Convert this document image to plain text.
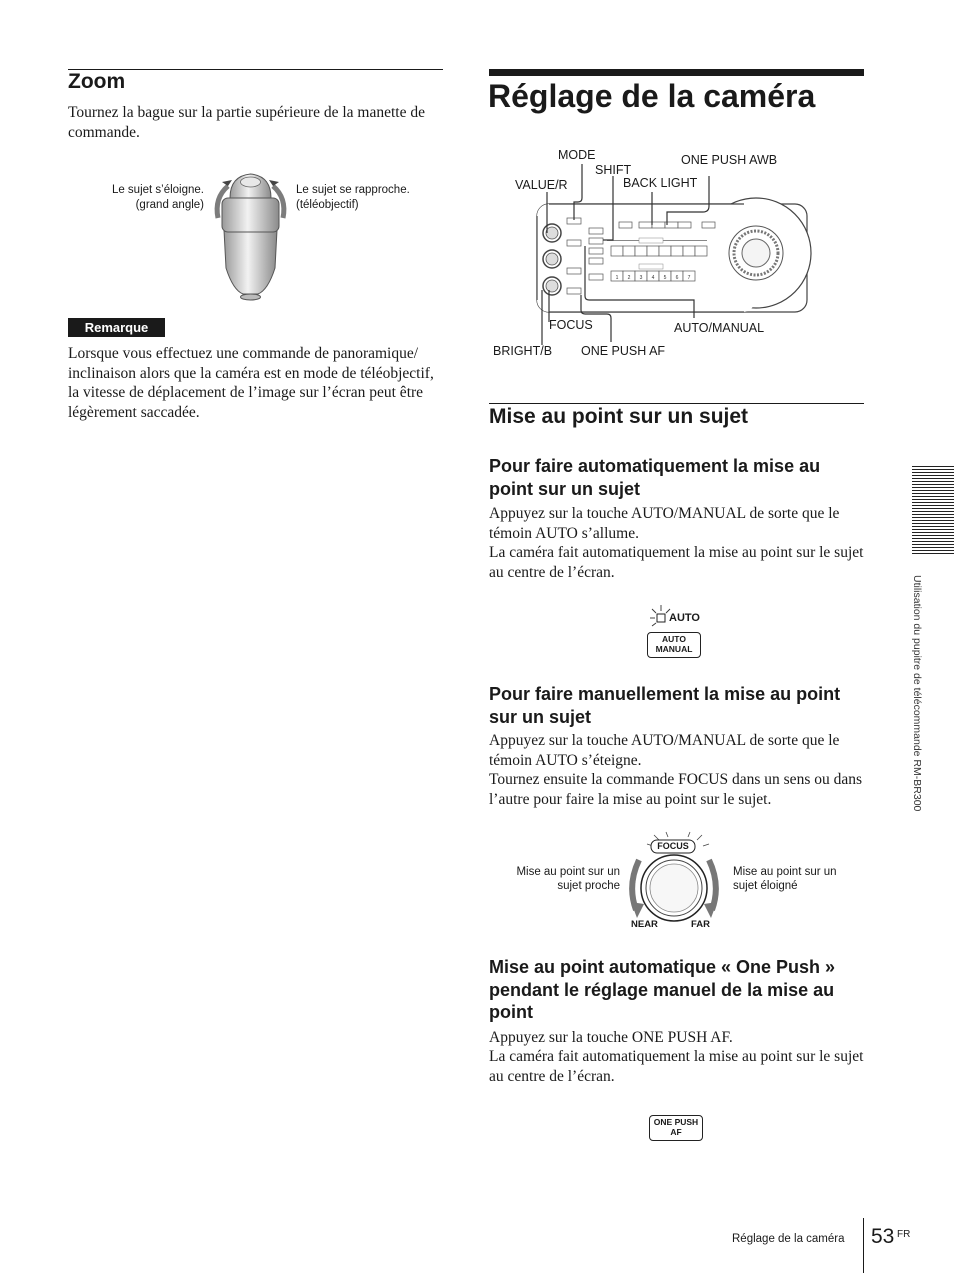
Zoom
Tournez la bague sur la partie supérieure de la manette de commande.
Le sujet s’éloigne.
(grand angle)
Le sujet se rapproche.
(téléobjectif)
Remarque
Lorsque vous effectuez une commande de panoramique/ inclinaison alors que la caméra est en mode de téléobjectif, la vitesse de déplacement de l’image sur l’écran peut être légèrement saccadée.
Réglage de la caméra
1 2 3 4 5 6 7
MODE
SHIFT
ONE PUSH AWB
VALUE/R	BACK LIGHT
FOCUS	AUTO/MANUAL
BRIGHT/B ONE PUSH AF
Mise au point sur un sujet
Pour faire automatiquement la mise au point sur un sujet
Appuyez sur la touche AUTO/MANUAL de sorte que le témoin AUTO s’allume.
La caméra fait automatiquement la mise au point sur le sujet au centre de l’écran.
AUTO
AUTO
MANUAL
Pour faire manuellement la mise au point sur un sujet
Appuyez sur la touche AUTO/MANUAL de sorte que le témoin AUTO s’éteigne.
Tournez ensuite la commande FOCUS dans un sens ou dans l’autre pour faire la mise au point sur le sujet.
Mise au point sur un
sujet proche
Mise au point sur un
sujet éloigné
FOCUS
NEAR	FAR
Mise au point automatique « One Push » pendant le réglage manuel de la mise au point
Appuyez sur la touche ONE PUSH AF.
La caméra fait automatiquement la mise au point sur le sujet au centre de l’écran.
ONE PUSH
AF
Utilisation du pupitre de télécommande RM-BR300
Réglage de la caméra 53 FR
